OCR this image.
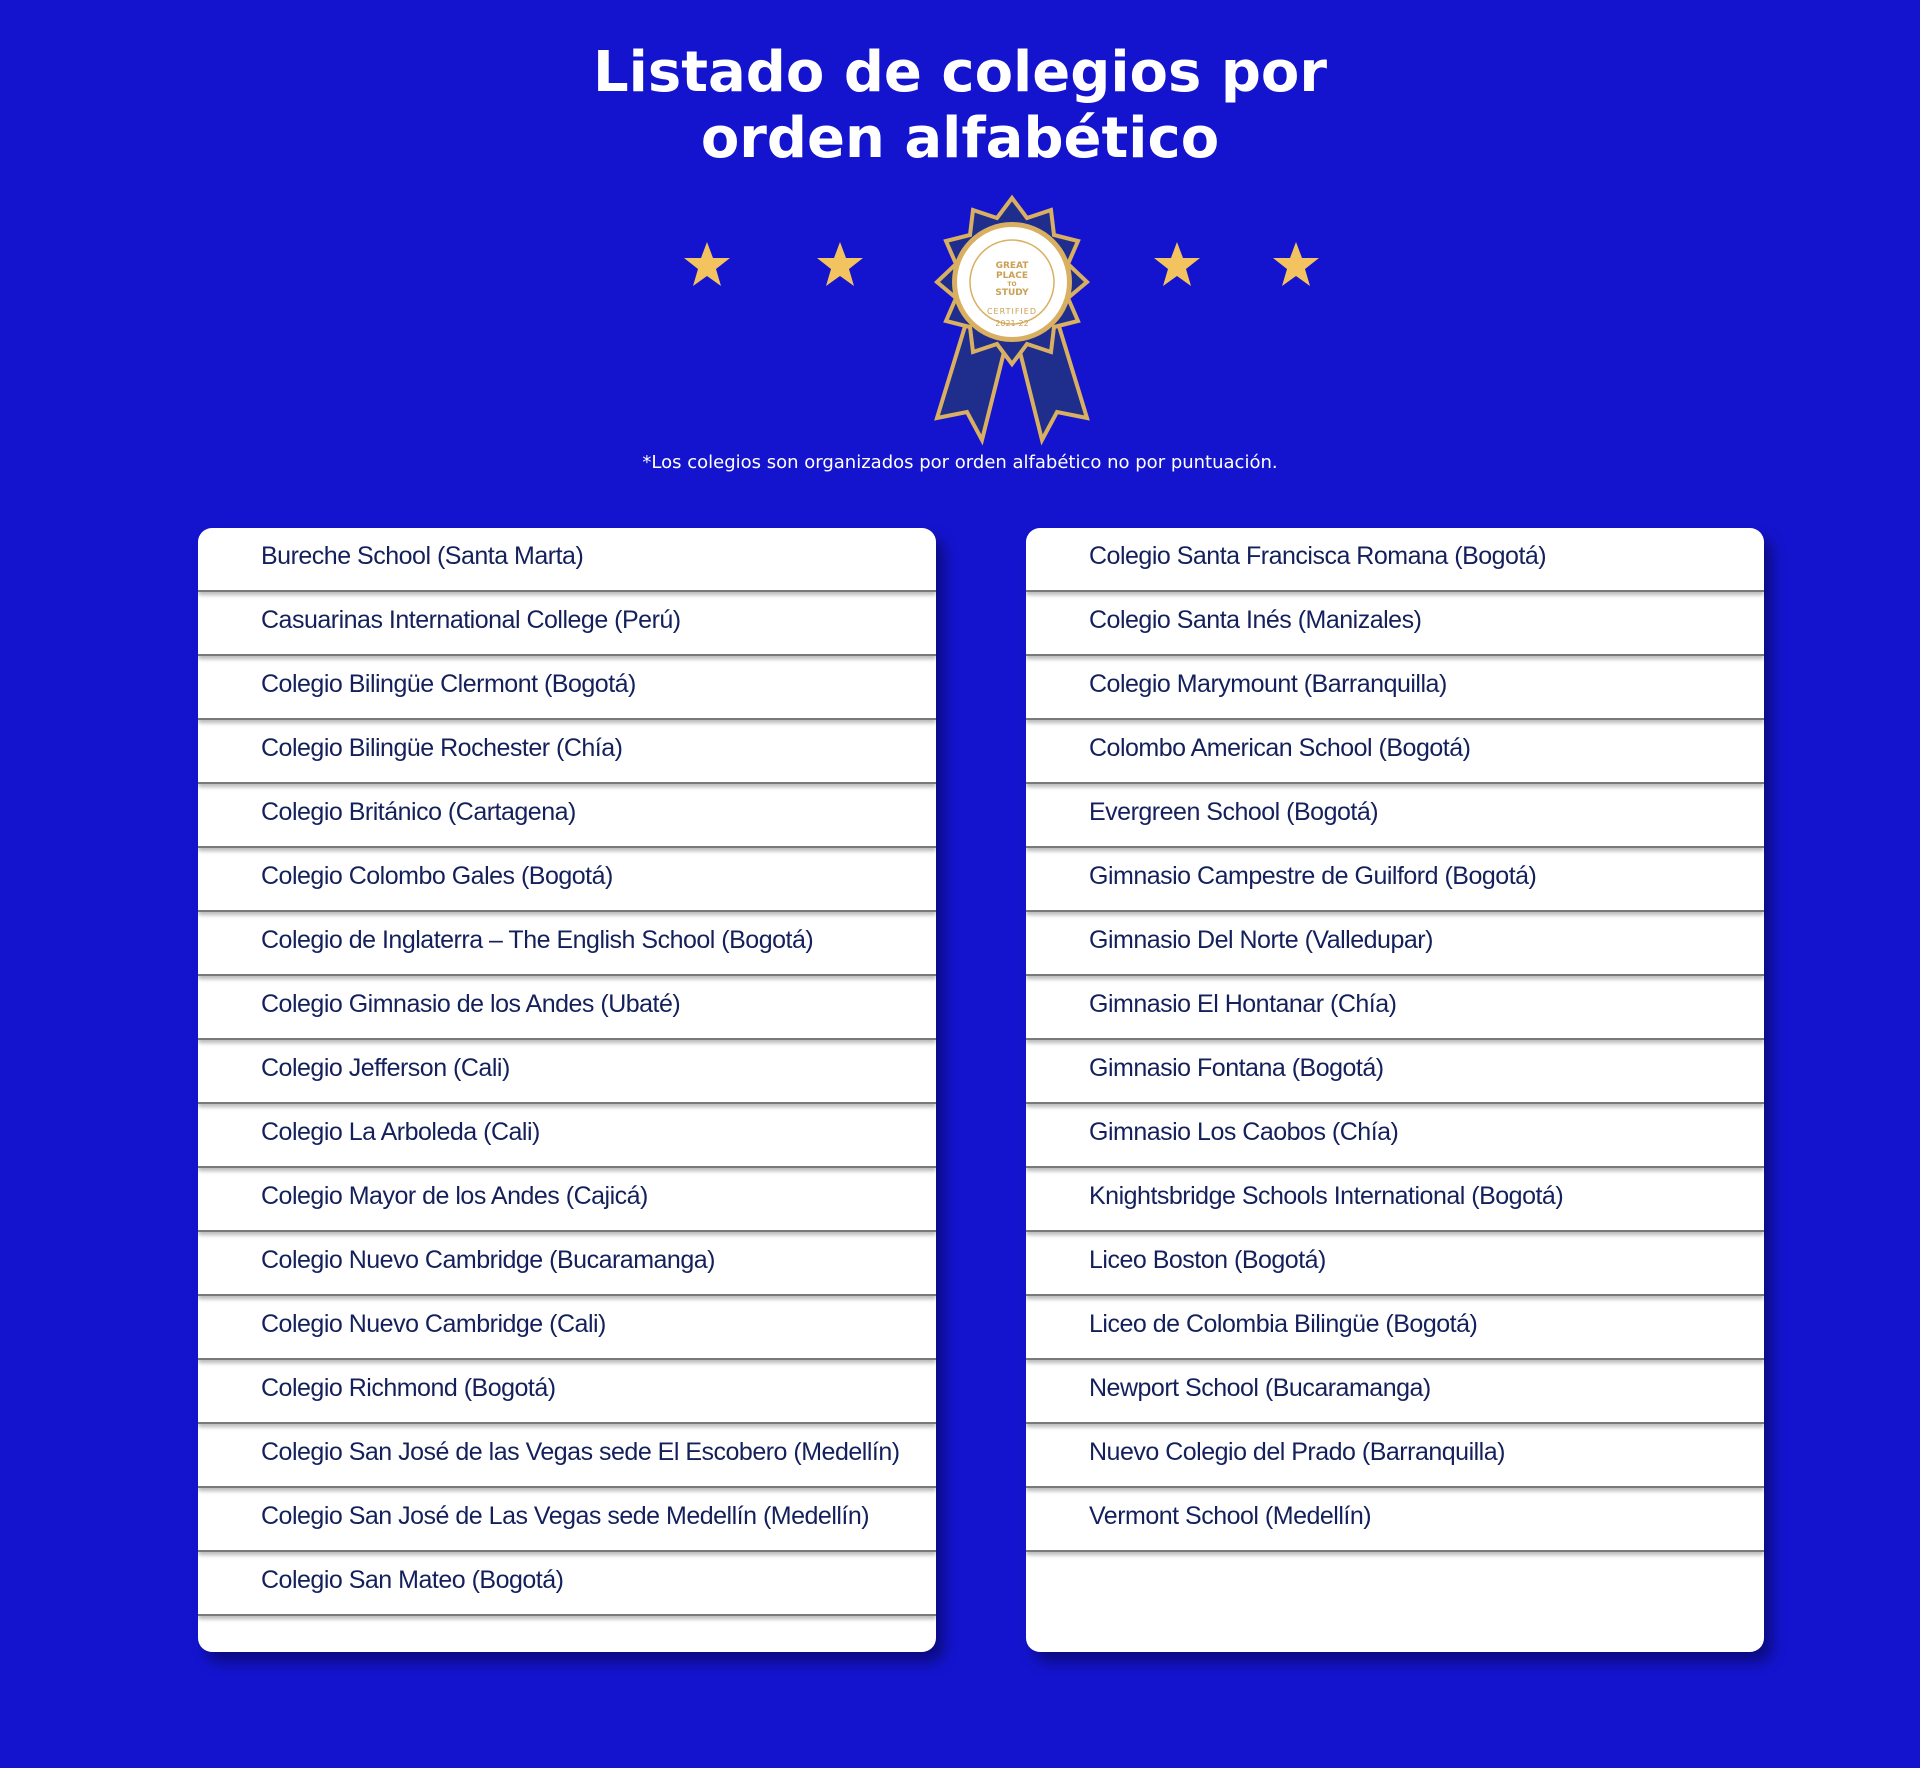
Listado de colegios por
orden alfabético
GREAT
PLACE
TO
STUDY
CERTIFIED
2021-22
*Los colegios son organizados por orden alfabético no por puntuación.
Bureche School (Santa Marta)
Casuarinas International College (Perú)
Colegio Bilingüe Clermont (Bogotá)
Colegio Bilingüe Rochester (Chía)
Colegio Británico (Cartagena)
Colegio Colombo Gales (Bogotá)
Colegio de Inglaterra – The English School (Bogotá)
Colegio Gimnasio de los Andes (Ubaté)
Colegio Jefferson (Cali)
Colegio La Arboleda (Cali)
Colegio Mayor de los Andes (Cajicá)
Colegio Nuevo Cambridge (Bucaramanga)
Colegio Nuevo Cambridge (Cali)
Colegio Richmond (Bogotá)
Colegio San José de las Vegas sede El Escobero (Medellín)
Colegio San José de Las Vegas sede Medellín (Medellín)
Colegio San Mateo (Bogotá)
Colegio Santa Francisca Romana (Bogotá)
Colegio Santa Inés (Manizales)
Colegio Marymount (Barranquilla)
Colombo American School (Bogotá)
Evergreen School (Bogotá)
Gimnasio Campestre de Guilford (Bogotá)
Gimnasio Del Norte (Valledupar)
Gimnasio El Hontanar (Chía)
Gimnasio Fontana (Bogotá)
Gimnasio Los Caobos (Chía)
Knightsbridge Schools International (Bogotá)
Liceo Boston (Bogotá)
Liceo de Colombia Bilingüe (Bogotá)
Newport School (Bucaramanga)
Nuevo Colegio del Prado (Barranquilla)
Vermont School (Medellín)
